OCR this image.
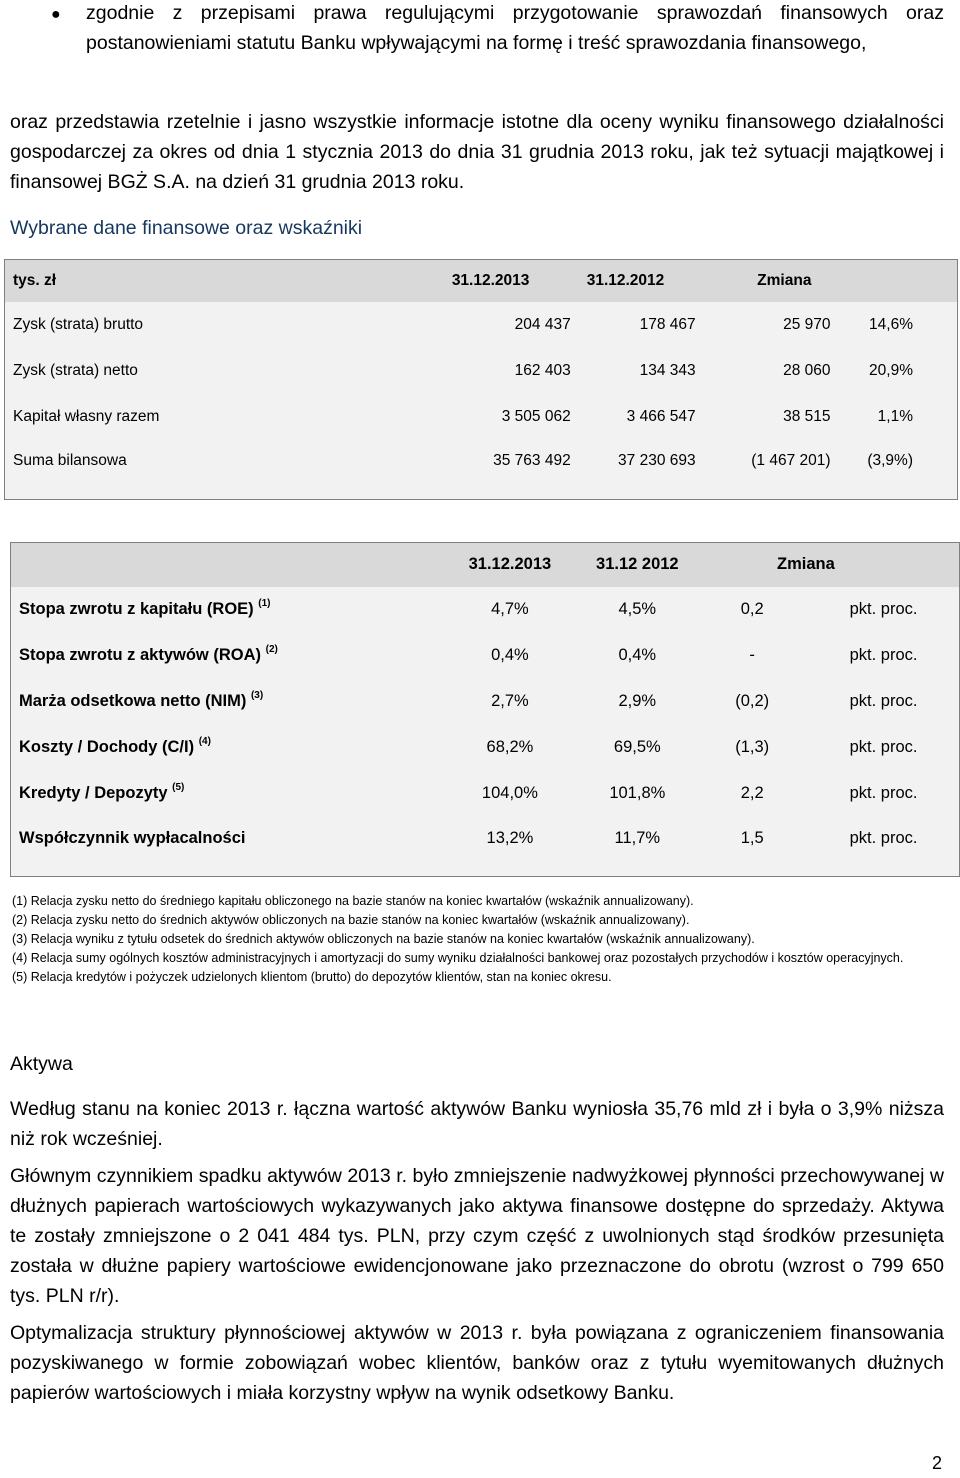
● zgodnie z przepisami prawa regulującymi przygotowanie sprawozdań finansowych oraz postanowieniami statutu Banku wpływającymi na formę i treść sprawozdania finansowego,

oraz przedstawia rzetelnie i jasno wszystkie informacje istotne dla oceny wyniku finansowego działalności gospodarczej za okres od dnia 1 stycznia 2013 do dnia 31 grudnia 2013 roku, jak też sytuacji majątkowej i finansowej BGŻ S.A. na dzień 31 grudnia 2013 roku.

Wybrane dane finansowe oraz wskaźniki
tys. zł	31.12.2013	31.12.2012	Zmiana	
Zysk (strata) brutto	204 437	178 467	25 970	14,6%
Zysk (strata) netto	162 403	134 343	28 060	20,9%
Kapitał własny razem	3 505 062	3 466 547	38 515	1,1%
Suma bilansowa	35 763 492	37 230 693	(1 467 201)	(3,9%)
	31.12.2013	31.12 2012	Zmiana	
Stopa zwrotu z kapitału (ROE) $^{(1)}$	4,7%	4,5%	0,2	pkt. proc.
Stopa zwrotu z aktywów (ROA) $^{(2)}$	0,4%	0,4%	-	pkt. proc.
Marża odsetkowa netto (NIM) $^{(3)}$	2,7%	2,9%	(0,2)	pkt. proc.
Koszty / Dochody (C/I) $^{(4)}$	68,2%	69,5%	(1,3)	pkt. proc.
Kredyty / Depozyty $^{(5)}$	104,0%	101,8%	2,2	pkt. proc.
Współczynnik wypłacalności	13,2%	11,7%	1,5	pkt. proc.

(1) Relacja zysku netto do średniego kapitału obliczonego na bazie stanów na koniec kwartałów (wskaźnik annualizowany).

(2) Relacja zysku netto do średnich aktywów obliczonych na bazie stanów na koniec kwartałów (wskaźnik annualizowany).

(3) Relacja wyniku z tytułu odsetek do średnich aktywów obliczonych na bazie stanów na koniec kwartałów (wskaźnik annualizowany).

(4) Relacja sumy ogólnych kosztów administracyjnych i amortyzacji do sumy wyniku działalności bankowej oraz pozostałych przychodów i kosztów operacyjnych.

(5) Relacja kredytów i pożyczek udzielonych klientom (brutto) do depozytów klientów, stan na koniec okresu.

Aktywa

Według stanu na koniec 2013 r. łączna wartość aktywów Banku wyniosła 35,76 mld zł i była o 3,9% niższa niż rok wcześniej.

Głównym czynnikiem spadku aktywów 2013 r. było zmniejszenie nadwyżkowej płynności przechowywanej w dłużnych papierach wartościowych wykazywanych jako aktywa finansowe dostępne do sprzedaży. Aktywa te zostały zmniejszone o 2 041 484 tys. PLN, przy czym część z uwolnionych stąd środków przesunięta została w dłużne papiery wartościowe ewidencjonowane jako przeznaczone do obrotu (wzrost o 799 650 tys. PLN r/r).

Optymalizacja struktury płynnościowej aktywów w 2013 r. była powiązana z ograniczeniem finansowania pozyskiwanego w formie zobowiązań wobec klientów, banków oraz z tytułu wyemitowanych dłużnych papierów wartościowych i miała korzystny wpływ na wynik odsetkowy Banku.

2
